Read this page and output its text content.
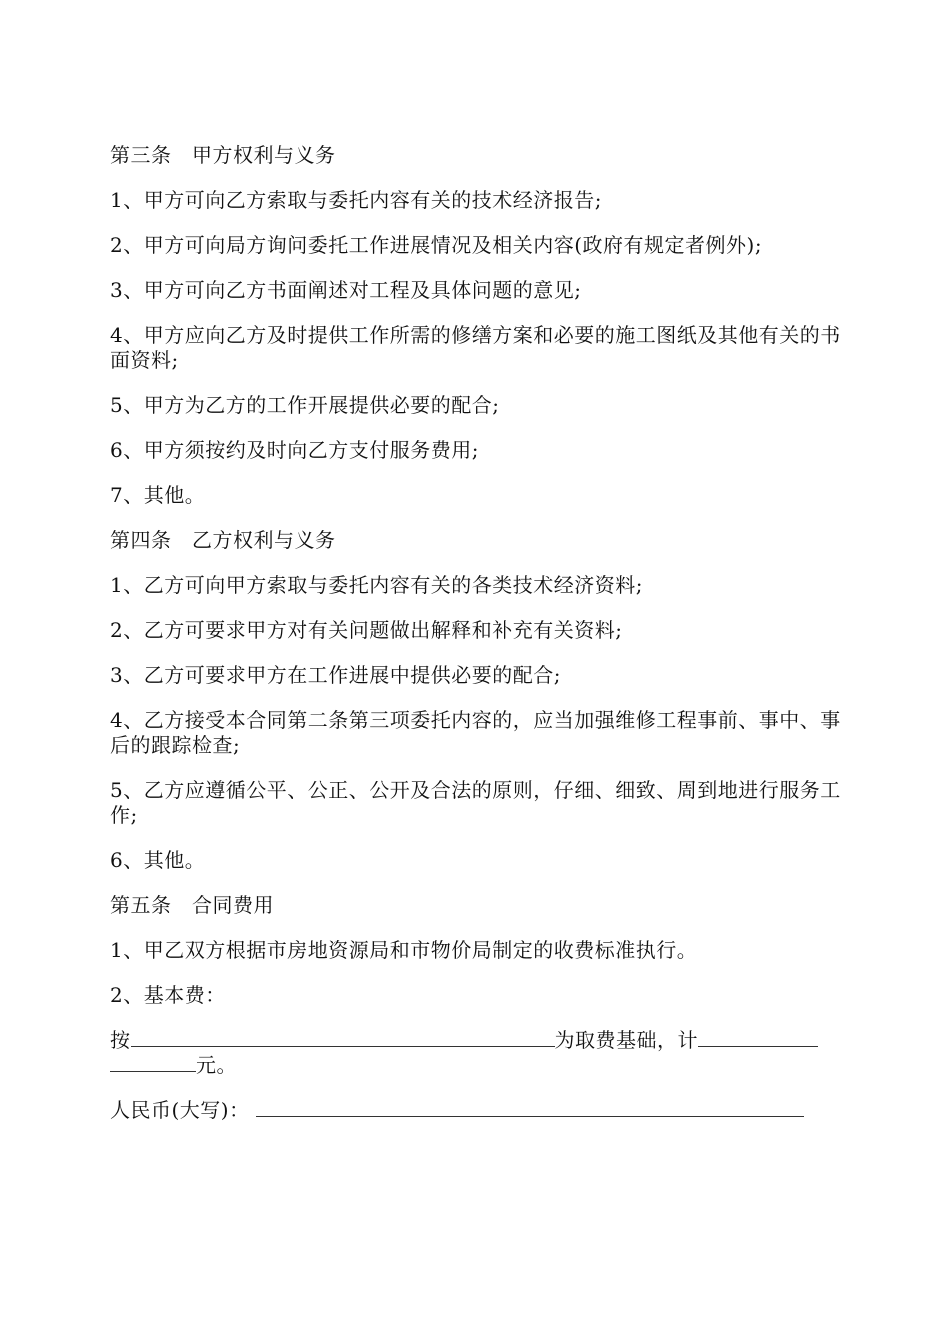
第三条　甲方权利与义务

1、甲方可向乙方索取与委托内容有关的技术经济报告;

2、甲方可向局方询问委托工作进展情况及相关内容(政府有规定者例外);

3、甲方可向乙方书面阐述对工程及具体问题的意见;

4、甲方应向乙方及时提供工作所需的修缮方案和必要的施工图纸及其他有关的书面资料;

5、甲方为乙方的工作开展提供必要的配合;

6、甲方须按约及时向乙方支付服务费用;

7、其他。

第四条　乙方权利与义务

1、乙方可向甲方索取与委托内容有关的各类技术经济资料;

2、乙方可要求甲方对有关问题做出解释和补充有关资料;

3、乙方可要求甲方在工作进展中提供必要的配合;

4、乙方接受本合同第二条第三项委托内容的，应当加强维修工程事前、事中、事后的跟踪检查;

5、乙方应遵循公平、公正、公开及合法的原则，仔细、细致、周到地进行服务工作;

6、其他。

第五条　合同费用

1、甲乙双方根据市房地资源局和市物价局制定的收费标准执行。

2、基本费：

按	为取费基础，计元。

人民币(大写)：
